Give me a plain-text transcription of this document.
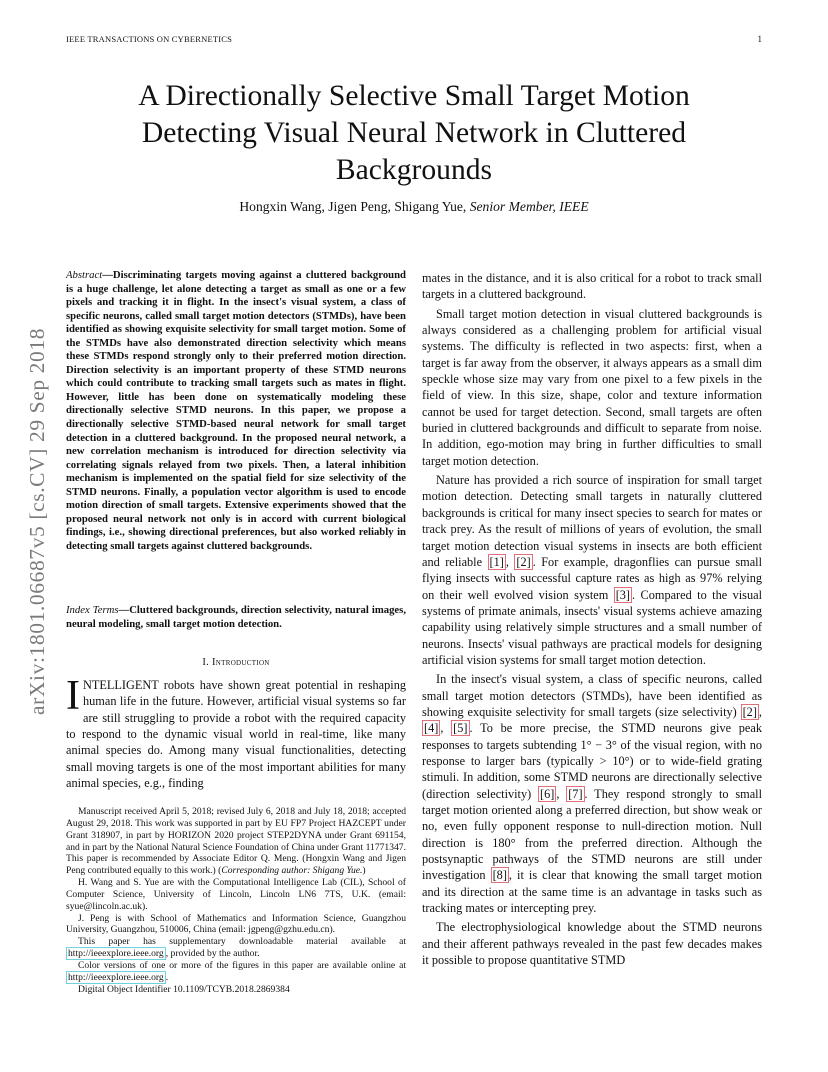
IEEE TRANSACTIONS ON CYBERNETICS	1
A Directionally Selective Small Target Motion
Detecting Visual Neural Network in Cluttered
Backgrounds
Hongxin Wang, Jigen Peng, Shigang Yue, Senior Member, IEEE
arXiv:1801.06687v5 [cs.CV] 29 Sep 2018
Abstract—Discriminating targets moving against a cluttered background is a huge challenge, let alone detecting a target as small as one or a few pixels and tracking it in flight. In the insect's visual system, a class of specific neurons, called small target motion detectors (STMDs), have been identified as showing exquisite selectivity for small target motion. Some of the STMDs have also demonstrated direction selectivity which means these STMDs respond strongly only to their preferred motion direction. Direction selectivity is an important property of these STMD neurons which could contribute to tracking small targets such as mates in flight. However, little has been done on systematically modeling these directionally selective STMD neurons. In this paper, we propose a directionally selective STMD-based neural network for small target detection in a cluttered background. In the proposed neural network, a new correlation mechanism is introduced for direction selectivity via correlating signals relayed from two pixels. Then, a lateral inhibition mechanism is implemented on the spatial field for size selectivity of the STMD neurons. Finally, a population vector algorithm is used to encode motion direction of small targets. Extensive experiments showed that the proposed neural network not only is in accord with current biological findings, i.e., showing directional preferences, but also worked reliably in detecting small targets against cluttered backgrounds.
Index Terms—Cluttered backgrounds, direction selectivity, natural images, neural modeling, small target motion detection.
I. Introduction
INTELLIGENT robots have shown great potential in reshaping human life in the future. However, artificial visual systems so far are still struggling to provide a robot with the required capacity to respond to the dynamic visual world in real-time, like many animal species do. Among many visual functionalities, detecting small moving targets is one of the most important abilities for many animal species, e.g., finding

Manuscript received April 5, 2018; revised July 6, 2018 and July 18, 2018; accepted August 29, 2018. This work was supported in part by EU FP7 Project HAZCEPT under Grant 318907, in part by HORIZON 2020 project STEP2DYNA under Grant 691154, and in part by the National Natural Science Foundation of China under Grant 11771347. This paper is recommended by Associate Editor Q. Meng. (Hongxin Wang and Jigen Peng contributed equally to this work.) (Corresponding author: Shigang Yue.)

H. Wang and S. Yue are with the Computational Intelligence Lab (CIL), School of Computer Science, University of Lincoln, Lincoln LN6 7TS, U.K. (email: syue@lincoln.ac.uk).

J. Peng is with School of Mathematics and Information Science, Guangzhou University, Guangzhou, 510006, China (email: jgpeng@gzhu.edu.cn).

This paper has supplementary downloadable material available at http://ieeexplore.ieee.org , provided by the author.

Color versions of one or more of the figures in this paper are available online at http://ieeexplore.ieee.org .

Digital Object Identifier 10.1109/TCYB.2018.2869384

mates in the distance, and it is also critical for a robot to track small targets in a cluttered background.

Small target motion detection in visual cluttered backgrounds is always considered as a challenging problem for artificial visual systems. The difficulty is reflected in two aspects: first, when a target is far away from the observer, it always appears as a small dim speckle whose size may vary from one pixel to a few pixels in the field of view. In this size, shape, color and texture information cannot be used for target detection. Second, small targets are often buried in cluttered backgrounds and difficult to separate from noise. In addition, ego-motion may bring in further difficulties to small target motion detection.

Nature has provided a rich source of inspiration for small target motion detection. Detecting small targets in naturally cluttered backgrounds is critical for many insect species to search for mates or track prey. As the result of millions of years of evolution, the small target motion detection visual systems in insects are both efficient and reliable [1] , [2] . For example, dragonflies can pursue small flying insects with successful capture rates as high as 97% relying on their well evolved vision system [3] . Compared to the visual systems of primate animals, insects' visual systems achieve amazing capability using relatively simple structures and a small number of neurons. Insects' visual pathways are practical models for designing artificial vision systems for small target motion detection.

In the insect's visual system, a class of specific neurons, called small target motion detectors (STMDs), have been identified as showing exquisite selectivity for small targets (size selectivity) [2] , [4] , [5] . To be more precise, the STMD neurons give peak responses to targets subtending 1° − 3° of the visual region, with no response to larger bars (typically > 10°) or to wide-field grating stimuli. In addition, some STMD neurons are directionally selective (direction selectivity) [6] , [7] . They respond strongly to small target motion oriented along a preferred direction, but show weak or no, even fully opponent response to null-direction motion. Null direction is 180° from the preferred direction. Although the postsynaptic pathways of the STMD neurons are still under investigation [8] , it is clear that knowing the small target motion and its direction at the same time is an advantage in tasks such as tracking mates or intercepting prey.

The electrophysiological knowledge about the STMD neurons and their afferent pathways revealed in the past few decades makes it possible to propose quantitative STMD
